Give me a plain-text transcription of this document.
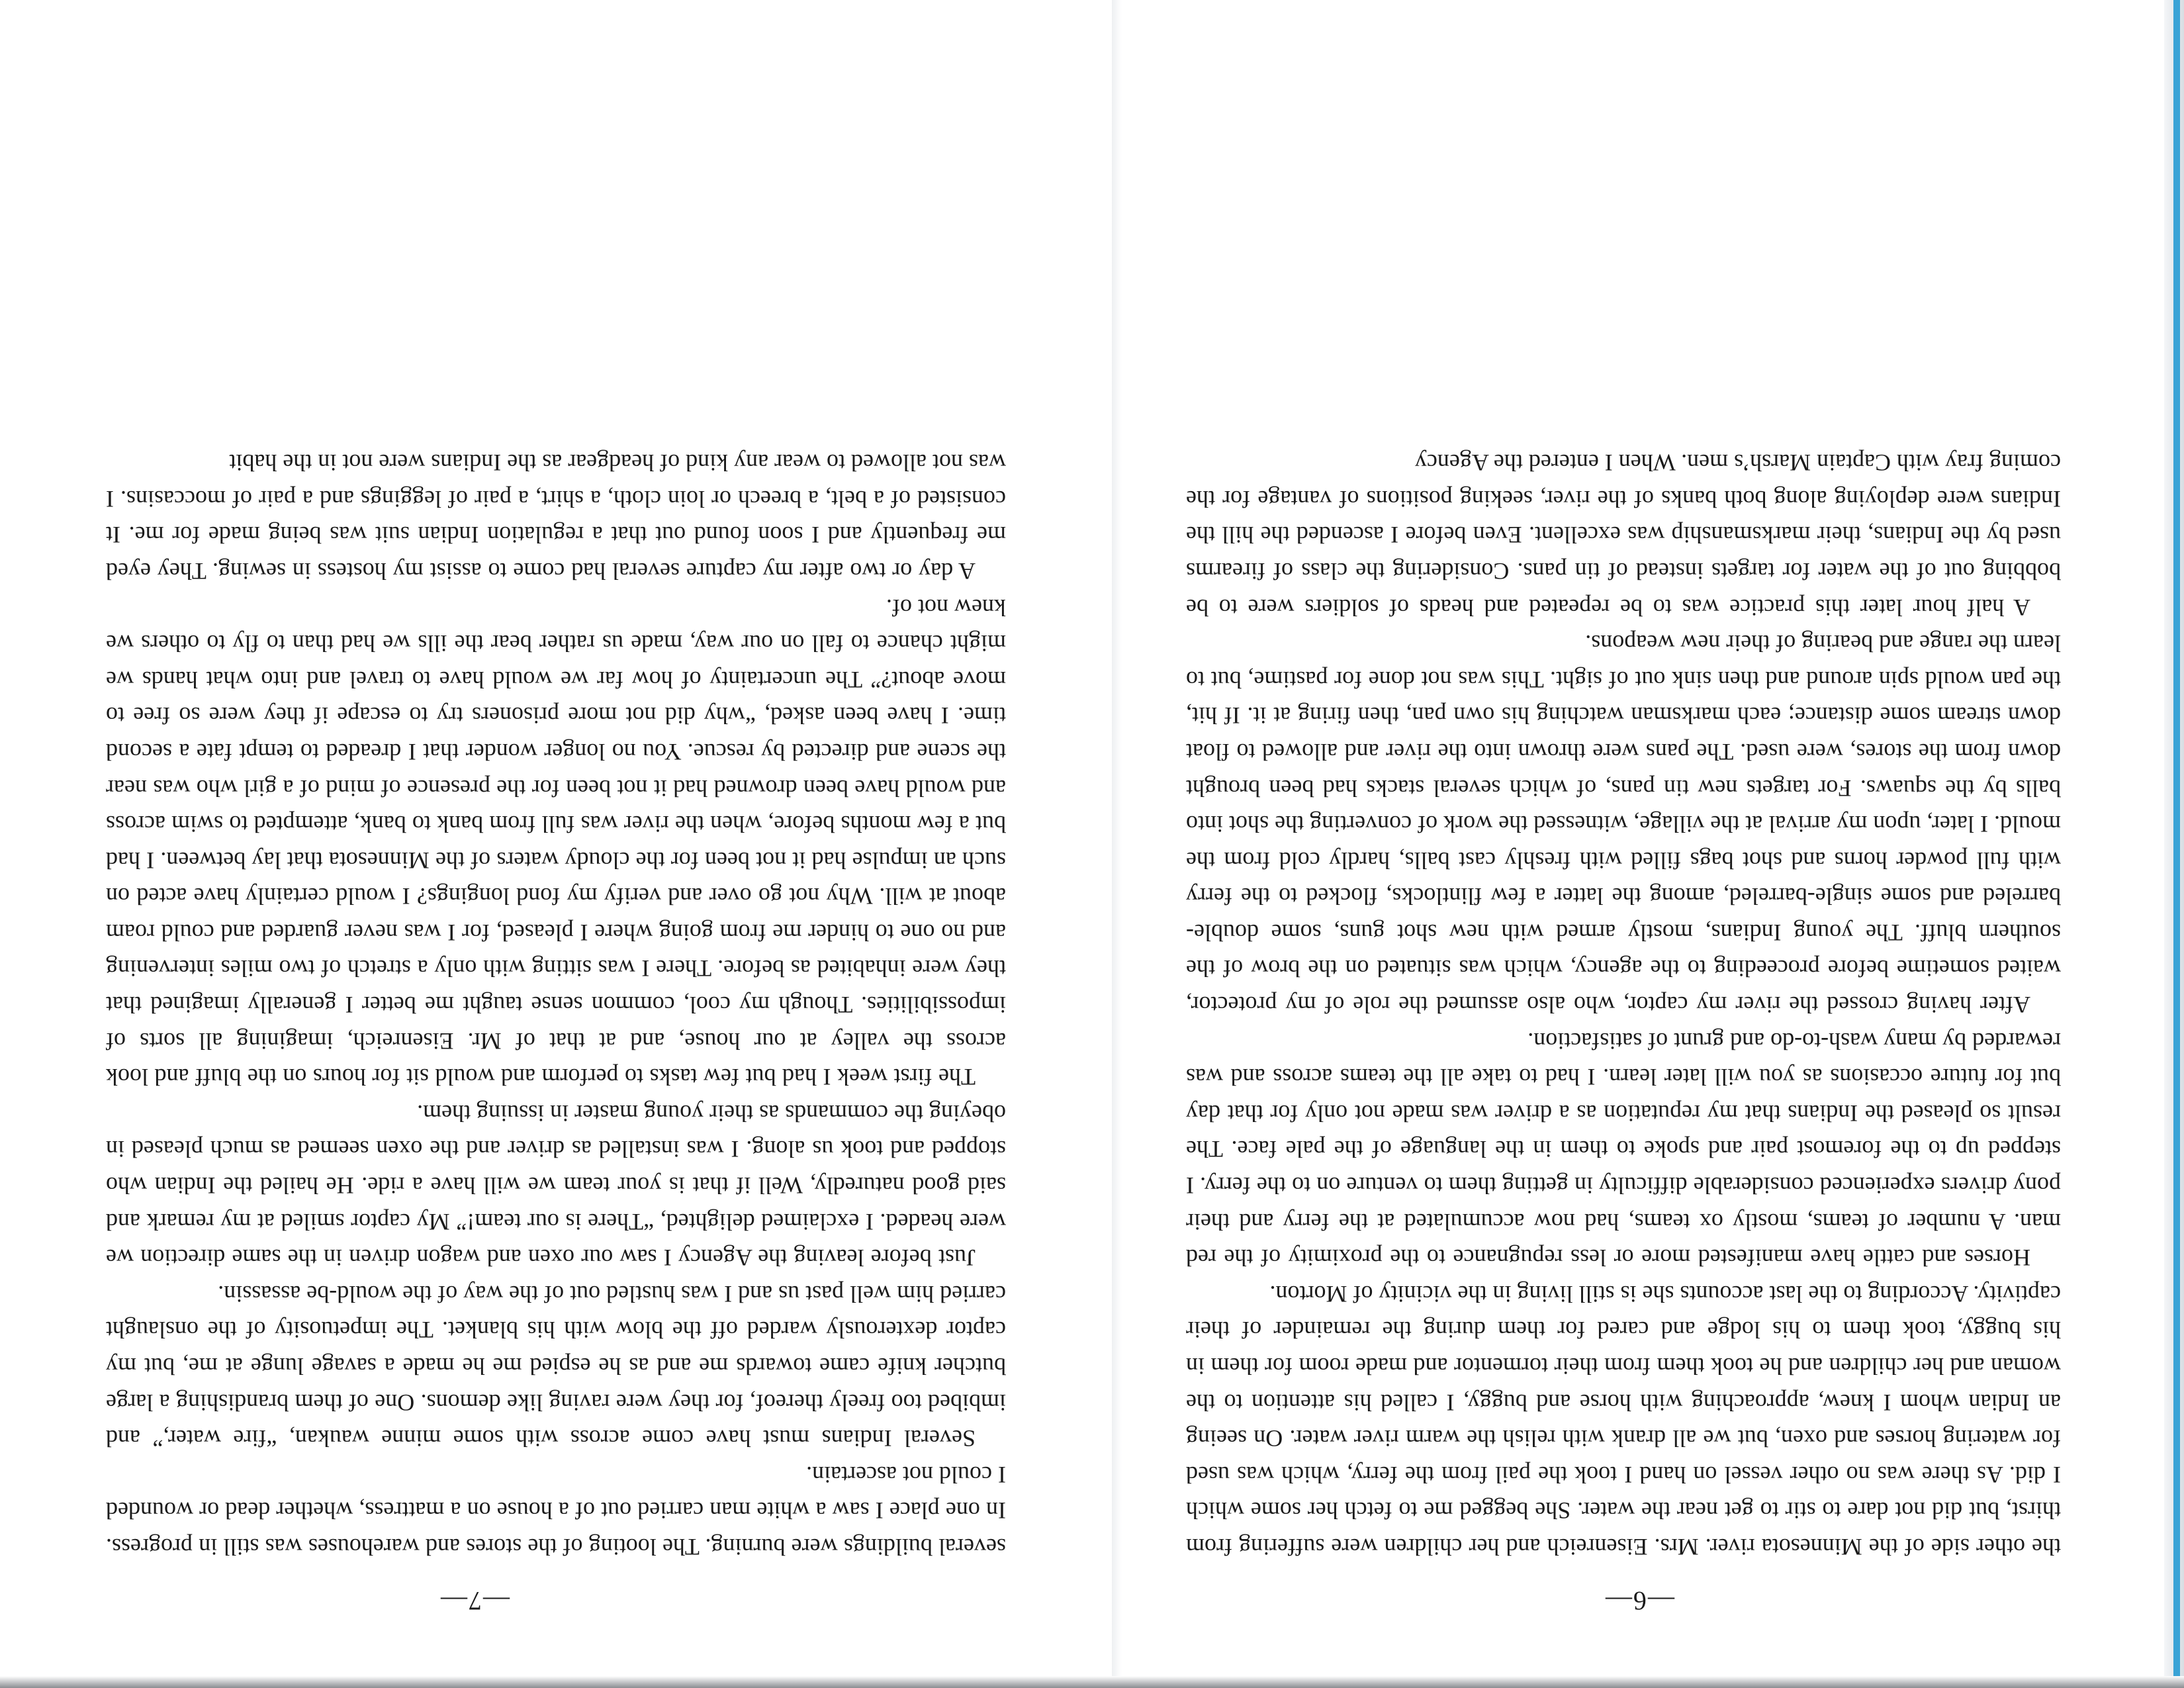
—6—

the other side of the Minnesota river. Mrs. Eisenreich and her children were suffering from thirst, but did not dare to stir to get near the water. She begged me to fetch her some which I did. As there was no other vessel on hand I took the pail from the ferry, which was used for watering horses and oxen, but we all drank with relish the warm river water. On seeing an Indian whom I knew, approaching with horse and buggy, I called his attention to the woman and her children and he took them from their tormentor and made room for them in his buggy, took them to his lodge and cared for them during the remainder of their captivity. According to the last accounts she is still living in the vicinity of Morton.

Horses and cattle have manifested more or less repugnance to the proximity of the red man. A number of teams, mostly ox teams, had now accumulated at the ferry and their pony drivers experienced considerable difficulty in getting them to venture on to the ferry. I stepped up to the foremost pair and spoke to them in the language of the pale face. The result so pleased the Indians that my reputation as a driver was made not only for that day but for future occasions as you will later learn. I had to take all the teams across and was rewarded by many wash-to-do and grunt of satisfaction.

After having crossed the river my captor, who also assumed the role of my protector, waited sometime before proceeding to the agency, which was situated on the brow of the southern bluff. The young Indians, mostly armed with new shot guns, some double-barreled and some single-barreled, among the latter a few flintlocks, flocked to the ferry with full powder horns and shot bags filled with freshly cast balls, hardly cold from the mould. I later, upon my arrival at the village, witnessed the work of converting the shot into balls by the squaws. For targets new tin pans, of which several stacks had been brought down from the stores, were used. The pans were thrown into the river and allowed to float down stream some distance; each marksman watching his own pan, then firing at it. If hit, the pan would spin around and then sink out of sight. This was not done for pastime, but to learn the range and bearing of their new weapons.

A half hour later this practice was to be repeated and heads of soldiers were to be bobbing out of the water for targets instead of tin pans. Considering the class of firearms used by the Indians, their marksmanship was excellent. Even before I ascended the hill the Indians were deploying along both banks of the river, seeking positions of vantage for the coming fray with Captain Marsh’s men. When I entered the Agency

—7—

several buildings were burning. The looting of the stores and warehouses was still in progress. In one place I saw a white man carried out of a house on a mattress, whether dead or wounded I could not ascertain.

Several Indians must have come across with some minne waukan, “fire water,” and imbibed too freely thereof, for they were raving like demons. One of them brandishing a large butcher knife came towards me and as he espied me he made a savage lunge at me, but my captor dexterously warded off the blow with his blanket. The impetuosity of the onslaught carried him well past us and I was hustled out of the way of the would-be assassin.

Just before leaving the Agency I saw our oxen and wagon driven in the same direction we were headed. I exclaimed delighted, “There is our team!” My captor smiled at my remark and said good naturedly, Well if that is your team we will have a ride. He hailed the Indian who stopped and took us along. I was installed as driver and the oxen seemed as much pleased in obeying the commands as their young master in issuing them.

The first week I had but few tasks to perform and would sit for hours on the bluff and look across the valley at our house, and at that of Mr. Eisenreich, imagining all sorts of impossibilities. Though my cool, common sense taught me better I generally imagined that they were inhabited as before. There I was sitting with only a stretch of two miles intervening and no one to hinder me from going where I pleased, for I was never guarded and could roam about at will. Why not go over and verify my fond longings? I would certainly have acted on such an impulse had it not been for the cloudy waters of the Minnesota that lay between. I had but a few months before, when the river was full from bank to bank, attempted to swim across and would have been drowned had it not been for the presence of mind of a girl who was near the scene and directed by rescue. You no longer wonder that I dreaded to tempt fate a second time. I have been asked, “why did not more prisoners try to escape if they were so free to move about?” The uncertainty of how far we would have to travel and into what hands we might chance to fall on our way, made us rather bear the ills we had than to fly to others we knew not of.

A day or two after my capture several had come to assist my hostess in sewing. They eyed me frequently and I soon found out that a regulation Indian suit was being made for me. It consisted of a belt, a breech or loin cloth, a shirt, a pair of leggings and a pair of moccasins. I was not allowed to wear any kind of headgear as the Indians were not in the habit
